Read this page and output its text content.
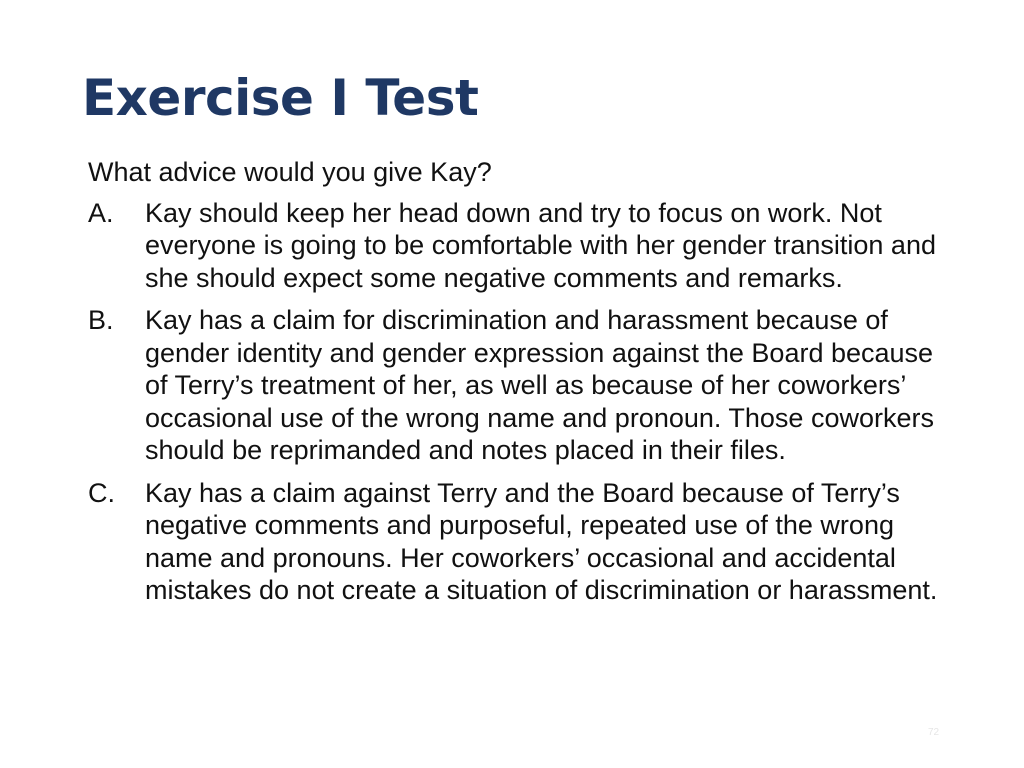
Exercise I Test

What advice would you give Kay?

A.	Kay should keep her head down and try to focus on work. Not everyone is going to be comfortable with her gender transition and she should expect some negative comments and remarks.
B.	Kay has a claim for discrimination and harassment because of gender identity and gender expression against the Board because of Terry’s treatment of her, as well as because of her coworkers’ occasional use of the wrong name and pronoun. Those coworkers should be reprimanded and notes placed in their files.
C.	Kay has a claim against Terry and the Board because of Terry’s negative comments and purposeful, repeated use of the wrong name and pronouns. Her coworkers’ occasional and accidental mistakes do not create a situation of discrimination or harassment.
72
